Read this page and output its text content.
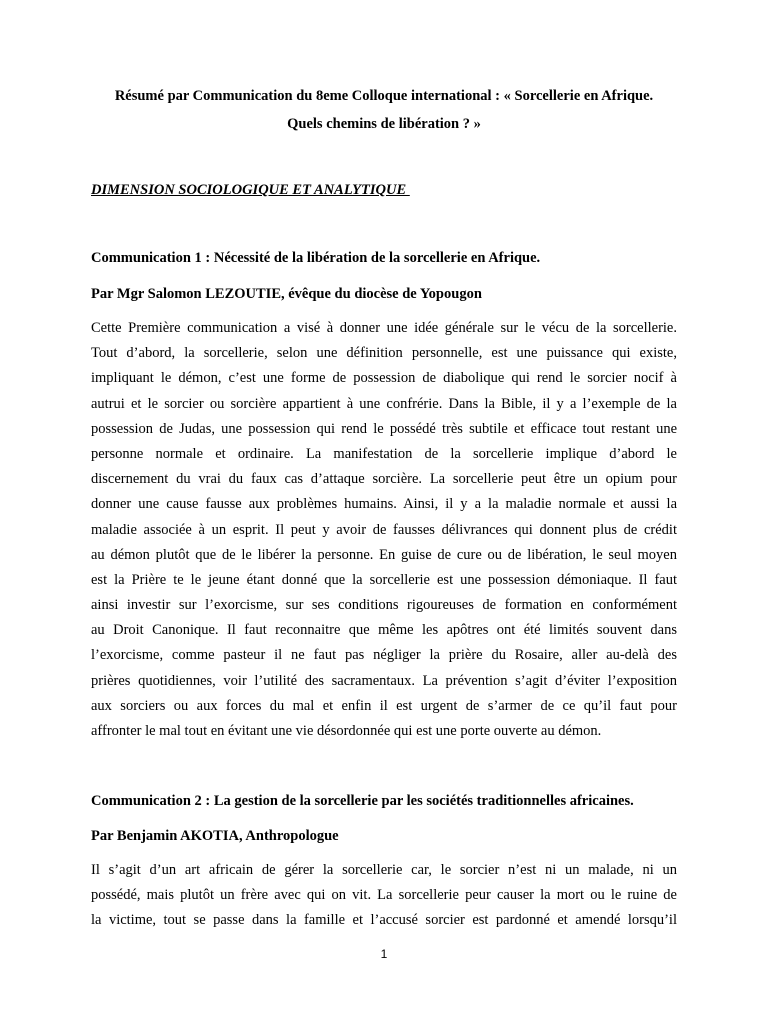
Résumé par Communication du 8eme Colloque international : « Sorcellerie en Afrique.
Quels chemins de libération ? »
DIMENSION SOCIOLOGIQUE ET ANALYTIQUE
Communication 1 : Nécessité de la libération de la sorcellerie en Afrique.
Par Mgr Salomon LEZOUTIE, évêque du diocèse de Yopougon
Cette Première communication a visé à donner une idée générale sur le vécu de la sorcellerie.
Tout d’abord, la sorcellerie, selon une définition personnelle, est une puissance qui existe,
impliquant le démon, c’est une forme de possession de diabolique qui rend le sorcier nocif à
autrui et le sorcier ou sorcière appartient à une confrérie. Dans la Bible, il y a l’exemple de la
possession de Judas, une possession qui rend le possédé très subtile et efficace tout restant une
personne normale et ordinaire. La manifestation de la sorcellerie implique d’abord le
discernement du vrai du faux cas d’attaque sorcière. La sorcellerie peut être un opium pour
donner une cause fausse aux problèmes humains. Ainsi, il y a la maladie normale et aussi la
maladie associée à un esprit. Il peut y avoir de fausses délivrances qui donnent plus de crédit
au démon plutôt que de le libérer la personne. En guise de cure ou de libération, le seul moyen
est la Prière te le jeune étant donné que la sorcellerie est une possession démoniaque. Il faut
ainsi investir sur l’exorcisme, sur ses conditions rigoureuses de formation en conformément
au Droit Canonique. Il faut reconnaitre que même les apôtres ont été limités souvent dans
l’exorcisme, comme pasteur il ne faut pas négliger la prière du Rosaire, aller au-delà des
prières quotidiennes, voir l’utilité des sacramentaux. La prévention s’agit d’éviter l’exposition
aux sorciers ou aux forces du mal et enfin il est urgent de s’armer de ce qu’il faut pour
affronter le mal tout en évitant une vie désordonnée qui est une porte ouverte au démon.
Communication 2 : La gestion de la sorcellerie par les sociétés traditionnelles africaines.
Par Benjamin AKOTIA, Anthropologue
Il s’agit d’un art africain de gérer la sorcellerie car, le sorcier n’est ni un malade, ni un
possédé, mais plutôt un frère avec qui on vit. La sorcellerie peur causer la mort ou le ruine de
la victime, tout se passe dans la famille et l’accusé sorcier est pardonné et amendé lorsqu’il
1
